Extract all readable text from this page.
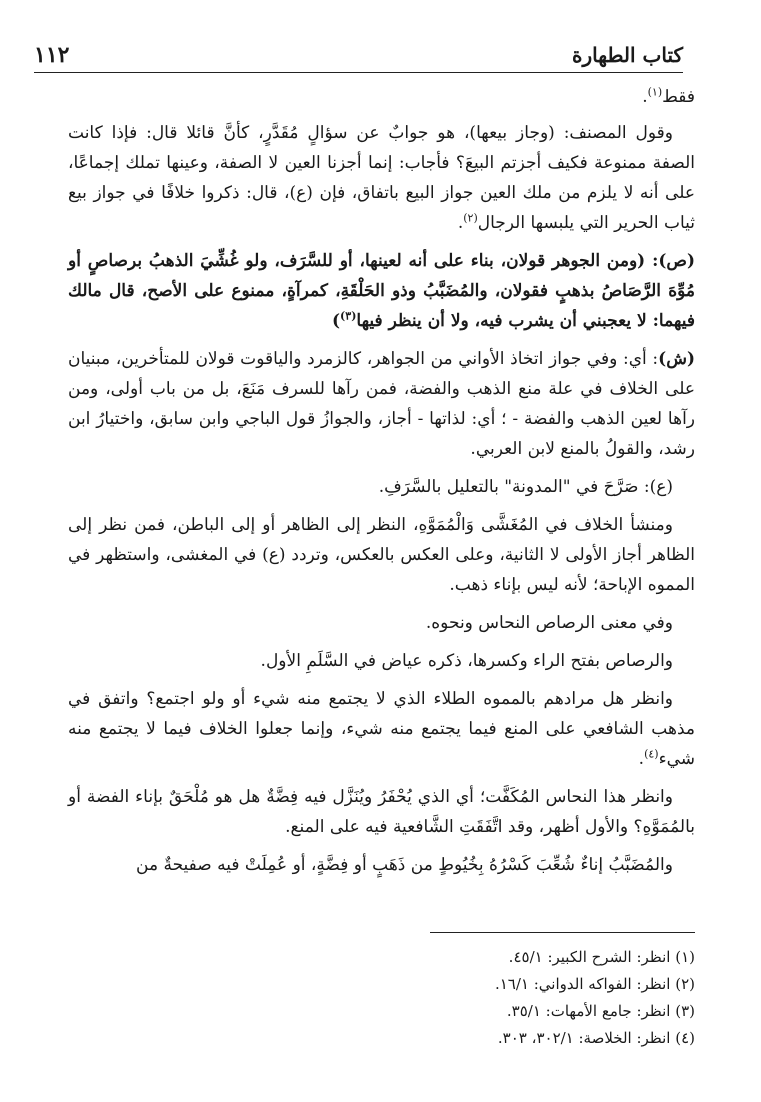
كتاب الطهارة
١١٢

فقط$^{(١)}$.

وقول المصنف: (وجاز بيعها)، هو جوابٌ عن سؤالٍ مُقَدَّرٍ، كأنَّ قائلا قال: فإذا كانت الصفة ممنوعة فكيف أجزتم البيعَ؟ فأجاب: إنما أجزنا العين لا الصفة، وعينها تملك إجماعًا، على أنه لا يلزم من ملك العين جواز البيع باتفاق، فإن (ع)، قال: ذكروا خلافًا في جواز بيع ثياب الحرير التي يلبسها الرجال$^{(٢)}$.

(ص): (ومن الجوهر قولان، بناء على أنه لعينها، أو للسَّرَف، ولو غُشِّيَ الذهبُ برصاصٍ أو مُوِّهَ الرَّصَاصُ بذهبٍ فقولان، والمُضَبَّبُ وذو الحَلْقَةِ، كمرآةٍ، ممنوع على الأصح، قال مالك فيهما: لا يعجبني أن يشرب فيه، ولا أن ينظر فيها$^{(٣)}$)

(ش): أي: وفي جواز اتخاذ الأواني من الجواهر، كالزمرد والياقوت قولان للمتأخرين، مبنيان على الخلاف في علة منع الذهب والفضة، فمن رآها للسرف مَنَعَ، بل من باب أولى، ومن رآها لعين الذهب والفضة - ؛ أي: لذاتها - أجاز، والجوازُ قول الباجي وابن سابق، واختيارُ ابن رشد، والقولُ بالمنع لابن العربي.

(ع): صَرَّحَ في "المدونة" بالتعليل بالسَّرَفِ.

ومنشأ الخلاف في المُغَشَّى وَالْمُمَوَّهِ، النظر إلى الظاهر أو إلى الباطن، فمن نظر إلى الظاهر أجاز الأولى لا الثانية، وعلى العكس بالعكس، وتردد (ع) في المغشى، واستظهر في المموه الإباحة؛ لأنه ليس بإناء ذهب.

وفي معنى الرصاص النحاس ونحوه.

والرصاص بفتح الراء وكسرها، ذكره عياض في السَّلَمِ الأول.

وانظر هل مرادهم بالمموه الطلاء الذي لا يجتمع منه شيء أو ولو اجتمع؟ واتفق في مذهب الشافعي على المنع فيما يجتمع منه شيء، وإنما جعلوا الخلاف فيما لا يجتمع منه شيء$^{(٤)}$.

وانظر هذا النحاس المُكَفَّت؛ أي الذي يُحْفَرُ ويُنَزَّل فيه فِضَّةٌ هل هو مُلْحَقٌ بإناء الفضة أو بالمُمَوَّهِ؟ والأول أظهر، وقد اتَّفَقَتِ الشَّافعية فيه على المنع.

والمُضَبَّبُ إناءٌ شُعِّبَ كَسْرُهُ بِخُيُوطٍ من ذَهَبٍ أو فِضَّةٍ، أو عُمِلَتْ فيه صفيحةٌ من

(١) انظر: الشرح الكبير: ٤٥/١.
(٢) انظر: الفواكه الدواني: ١٦/١.
(٣) انظر: جامع الأمهات: ٣٥/١.
(٤) انظر: الخلاصة: ٣٠٢/١، ٣٠٣.
